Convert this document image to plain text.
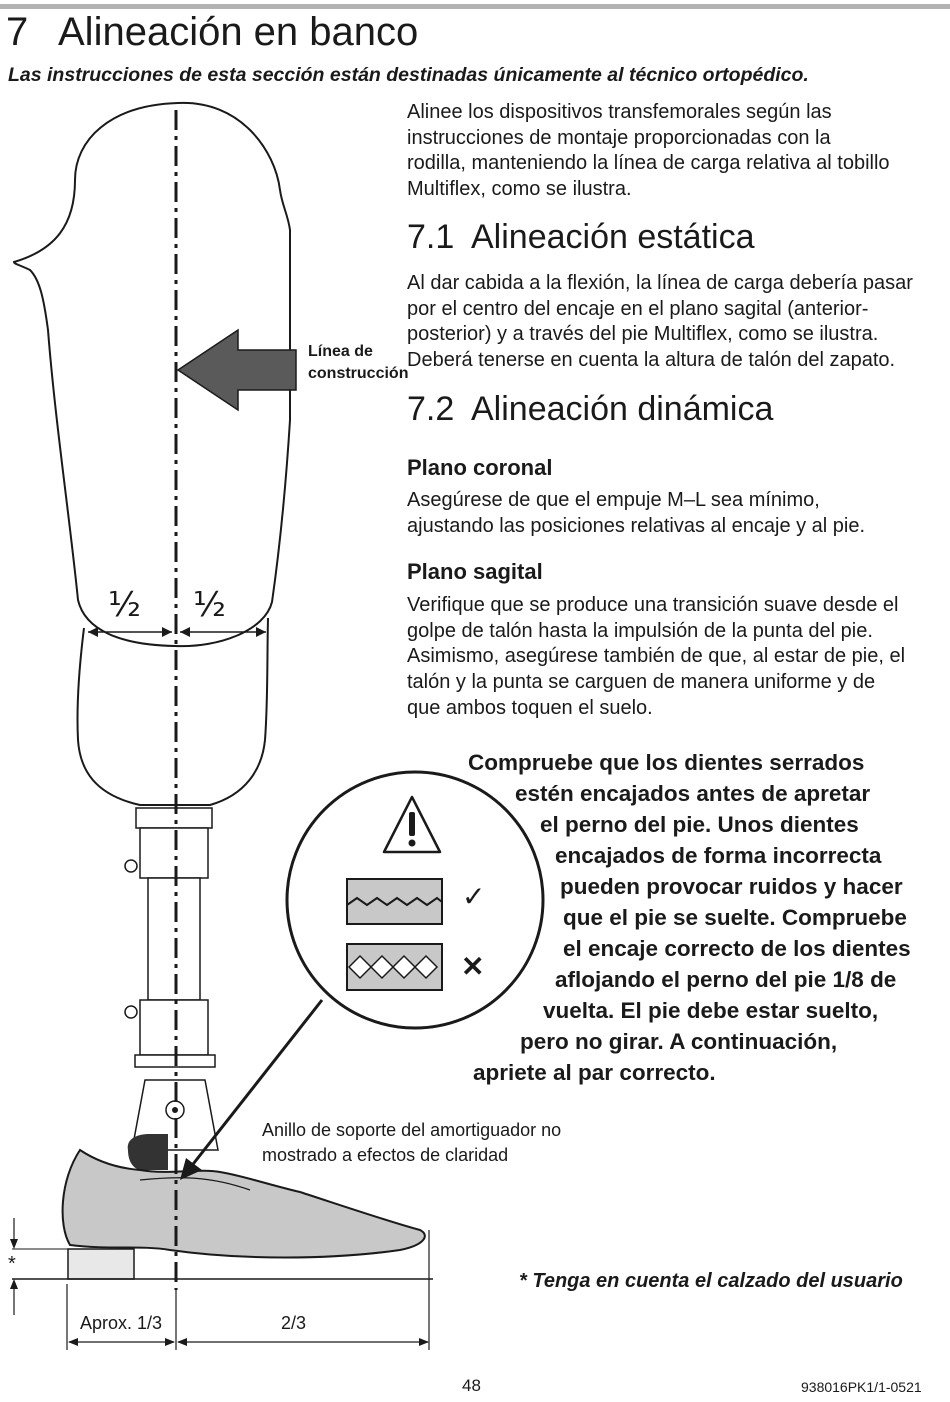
7 Alineación en banco
Las instrucciones de esta sección están destinadas únicamente al técnico ortopédico.
Línea de
construcción
½ ½
✓
✕
Anillo de soporte del amortiguador no
mostrado a efectos de claridad
*
Aprox. 1/3	2/3

Alinee los dispositivos transfemorales según las
instrucciones de montaje proporcionadas con la
rodilla, manteniendo la línea de carga relativa al tobillo
Multiflex, como se ilustra.

7.1 Alineación estática

Al dar cabida a la flexión, la línea de carga debería pasar
por el centro del encaje en el plano sagital (anterior-
posterior) y a través del pie Multiflex, como se ilustra.
Deberá tenerse en cuenta la altura de talón del zapato.

7.2 Alineación dinámica
Plano coronal

Asegúrese de que el empuje M–L sea mínimo,
ajustando las posiciones relativas al encaje y al pie.

Plano sagital

Verifique que se produce una transición suave desde el
golpe de talón hasta la impulsión de la punta del pie.
Asimismo, asegúrese también de que, al estar de pie, el
talón y la punta se carguen de manera uniforme y de
que ambos toquen el suelo.

Compruebe que los dientes serrados
estén encajados antes de apretar
el perno del pie. Unos dientes
encajados de forma incorrecta
pueden provocar ruidos y hacer
que el pie se suelte. Compruebe
el encaje correcto de los dientes
aflojando el perno del pie 1/8 de
vuelta. El pie debe estar suelto,
pero no girar. A continuación,
apriete al par correcto.

* Tenga en cuenta el calzado del usuario
48	938016PK1/1-0521
